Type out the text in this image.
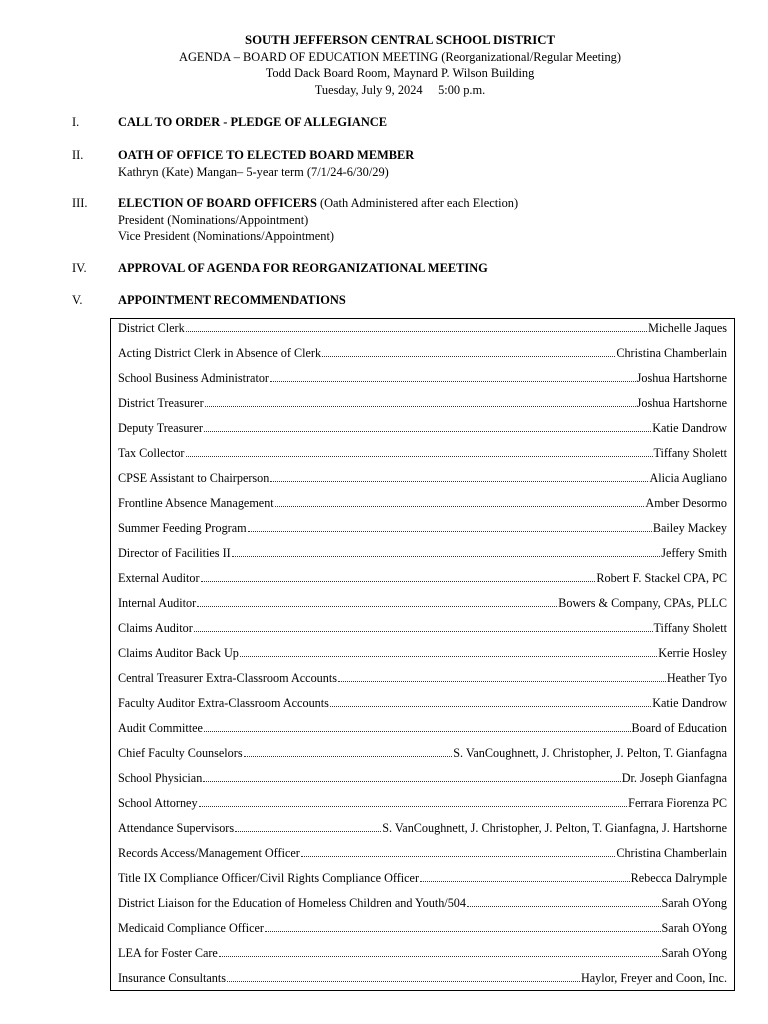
SOUTH JEFFERSON CENTRAL SCHOOL DISTRICT
AGENDA – BOARD OF EDUCATION MEETING (Reorganizational/Regular Meeting)
Todd Dack Board Room, Maynard P. Wilson Building
Tuesday, July 9, 2024     5:00 p.m.
I.	CALL TO ORDER - PLEDGE OF ALLEGIANCE
II.	OATH OF OFFICE TO ELECTED BOARD MEMBER
Kathryn (Kate) Mangan– 5-year term (7/1/24-6/30/29)
III. ELECTION OF BOARD OFFICERS (Oath Administered after each Election)
President (Nominations/Appointment)
Vice President (Nominations/Appointment)
IV.	APPROVAL OF AGENDA FOR REORGANIZATIONAL MEETING
V.	APPOINTMENT RECOMMENDATIONS
District Clerk	Michelle Jaques
Acting District Clerk in Absence of Clerk	Christina Chamberlain
School Business Administrator	Joshua Hartshorne
District Treasurer	Joshua Hartshorne
Deputy Treasurer	Katie Dandrow
Tax Collector	Tiffany Sholett
CPSE Assistant to Chairperson	Alicia Augliano
Frontline Absence Management	Amber Desormo
Summer Feeding Program	Bailey Mackey
Director of Facilities II	Jeffery Smith
External Auditor	Robert F. Stackel CPA, PC
Internal Auditor	Bowers & Company, CPAs, PLLC
Claims Auditor	Tiffany Sholett
Claims Auditor Back Up	Kerrie Hosley
Central Treasurer Extra-Classroom Accounts	Heather Tyo
Faculty Auditor Extra-Classroom Accounts	Katie Dandrow
Audit Committee	Board of Education
Chief Faculty Counselors	S. VanCoughnett, J. Christopher, J. Pelton, T. Gianfagna
School Physician	Dr. Joseph Gianfagna
School Attorney	Ferrara Fiorenza PC
Attendance Supervisors	S. VanCoughnett, J. Christopher, J. Pelton, T. Gianfagna, J. Hartshorne
Records Access/Management Officer	Christina Chamberlain
Title IX Compliance Officer/Civil Rights Compliance Officer	Rebecca Dalrymple
District Liaison for the Education of Homeless Children and Youth/504	Sarah OYong
Medicaid Compliance Officer	Sarah OYong
LEA for Foster Care	Sarah OYong
Insurance Consultants	Haylor, Freyer and Coon, Inc.
